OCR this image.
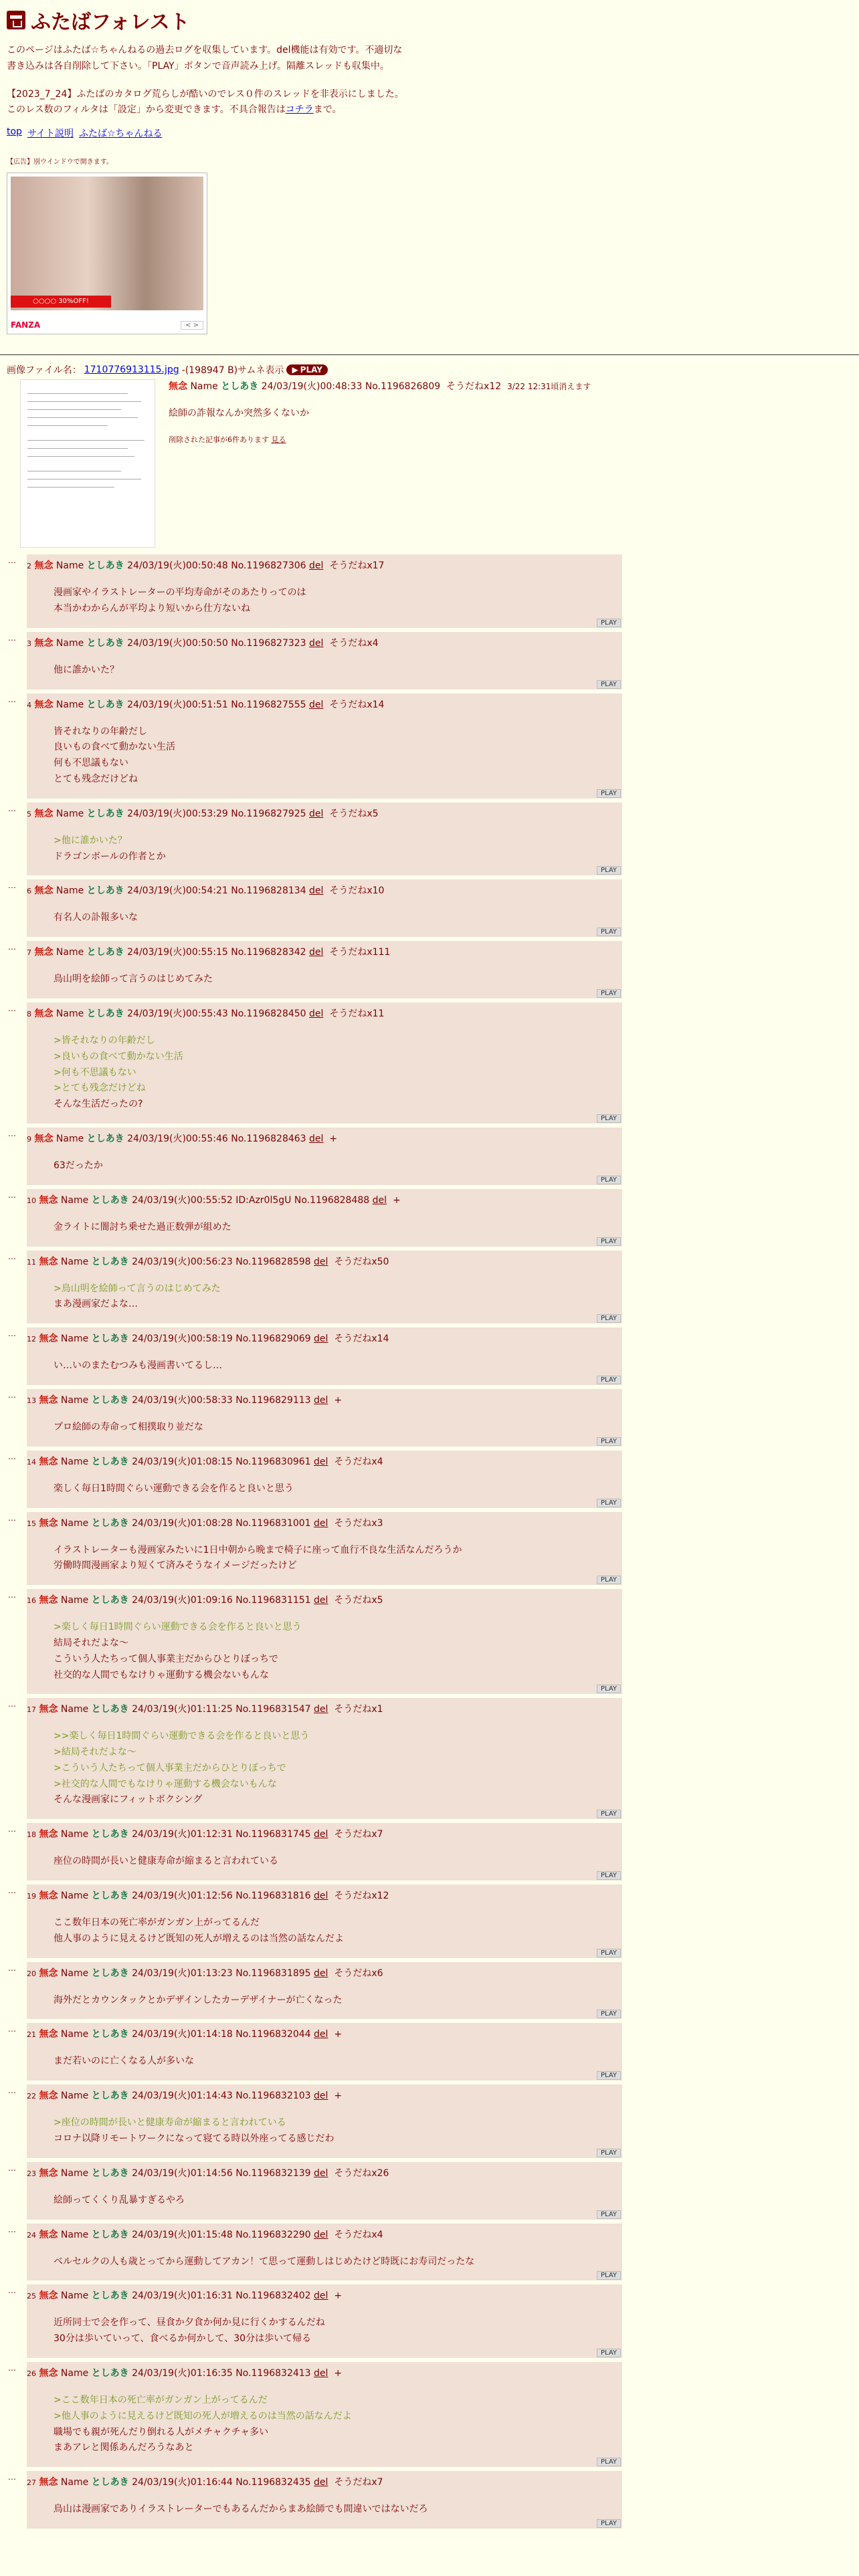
ふたばフォレスト
このページはふたば☆ちゃんねるの過去ログを収集しています。del機能は有効です。不適切な書き込みは各自削除して下さい。「PLAY」ボタンで音声読み上げ。隔離スレッドも収集中。
【2023_7_24】ふたばのカタログ荒らしが酷いのでレス０件のスレッドを非表示にしました。このレス数のフィルタは「設定」から変更できます。不具合報告はコチラまで。
top サイト説明 ふたば☆ちゃんねる
【広告】別ウインドウで開きます。
○○○○ 30%OFF!
FANZA	< >
画像ファイル名： 1710776913115.jpg -(198947 B)サムネ表示 ▶ PLAY
無念 Name としあき 24/03/19(火)00:48:33 No.1196826809 そうだねx12 3/22 12:31頃消えます
絵師の詐報なんか突然多くないか
削除された記事が6件あります 見る
…
2 無念 Name としあき 24/03/19(火)00:50:48 No.1196827306 del そうだねx17
漫画家やイラストレーターの平均寿命がそのあたりってのは
本当かわからんが平均より短いから仕方ないね
PLAY
…
3 無念 Name としあき 24/03/19(火)00:50:50 No.1196827323 del そうだねx4
他に誰かいた？
PLAY
…
4 無念 Name としあき 24/03/19(火)00:51:51 No.1196827555 del そうだねx14
皆それなりの年齢だし
良いもの食べて動かない生活
何も不思議もない
とても残念だけどね
PLAY
…
5 無念 Name としあき 24/03/19(火)00:53:29 No.1196827925 del そうだねx5
>他に誰かいた？
ドラゴンボールの作者とか
PLAY
…
6 無念 Name としあき 24/03/19(火)00:54:21 No.1196828134 del そうだねx10
有名人の訃報多いな
PLAY
…
7 無念 Name としあき 24/03/19(火)00:55:15 No.1196828342 del そうだねx111
鳥山明を絵師って言うのはじめてみた
PLAY
…
8 無念 Name としあき 24/03/19(火)00:55:43 No.1196828450 del そうだねx11
>皆それなりの年齢だし
>良いもの食べて動かない生活
>何も不思議もない
>とても残念だけどね
そんな生活だったの?
PLAY
…
9 無念 Name としあき 24/03/19(火)00:55:46 No.1196828463 del +
63だったか
PLAY
…
10 無念 Name としあき 24/03/19(火)00:55:52 ID:Azr0l5gU No.1196828488 del +
金ライトに闇討ち乗せた過正数弾が組めた
PLAY
…
11 無念 Name としあき 24/03/19(火)00:56:23 No.1196828598 del そうだねx50
>鳥山明を絵師って言うのはじめてみた
まあ漫画家だよな…
PLAY
…
12 無念 Name としあき 24/03/19(火)00:58:19 No.1196829069 del そうだねx14
い…いのまたむつみも漫画書いてるし…
PLAY
…
13 無念 Name としあき 24/03/19(火)00:58:33 No.1196829113 del +
プロ絵師の寿命って相撲取り並だな
PLAY
…
14 無念 Name としあき 24/03/19(火)01:08:15 No.1196830961 del そうだねx4
楽しく毎日1時間ぐらい運動できる会を作ると良いと思う
PLAY
…
15 無念 Name としあき 24/03/19(火)01:08:28 No.1196831001 del そうだねx3
イラストレーターも漫画家みたいに1日中朝から晩まで椅子に座って血行不良な生活なんだろうか
労働時間漫画家より短くて済みそうなイメージだったけど
PLAY
…
16 無念 Name としあき 24/03/19(火)01:09:16 No.1196831151 del そうだねx5
>楽しく毎日1時間ぐらい運動できる会を作ると良いと思う
結局それだよな～
こういう人たちって個人事業主だからひとりぼっちで
社交的な人間でもなけりゃ運動する機会ないもんな
PLAY
…
17 無念 Name としあき 24/03/19(火)01:11:25 No.1196831547 del そうだねx1
>>楽しく毎日1時間ぐらい運動できる会を作ると良いと思う
>結局それだよな～
>こういう人たちって個人事業主だからひとりぼっちで
>社交的な人間でもなけりゃ運動する機会ないもんな
そんな漫画家にフィットボクシング
PLAY
…
18 無念 Name としあき 24/03/19(火)01:12:31 No.1196831745 del そうだねx7
座位の時間が長いと健康寿命が縮まると言われている
PLAY
…
19 無念 Name としあき 24/03/19(火)01:12:56 No.1196831816 del そうだねx12
ここ数年日本の死亡率がガンガン上がってるんだ
他人事のように見えるけど既知の死人が増えるのは当然の話なんだよ
PLAY
…
20 無念 Name としあき 24/03/19(火)01:13:23 No.1196831895 del そうだねx6
海外だとカウンタックとかデザインしたカーデザイナーが亡くなった
PLAY
…
21 無念 Name としあき 24/03/19(火)01:14:18 No.1196832044 del +
まだ若いのに亡くなる人が多いな
PLAY
…
22 無念 Name としあき 24/03/19(火)01:14:43 No.1196832103 del +
>座位の時間が長いと健康寿命が縮まると言われている
コロナ以降リモートワークになって寝てる時以外座ってる感じだわ
PLAY
…
23 無念 Name としあき 24/03/19(火)01:14:56 No.1196832139 del そうだねx26
絵師ってくくり乱暴すぎるやろ
PLAY
…
24 無念 Name としあき 24/03/19(火)01:15:48 No.1196832290 del そうだねx4
ベルセルクの人も歳とってから運動してアカン！て思って運動しはじめたけど時既にお寿司だったな
PLAY
…
25 無念 Name としあき 24/03/19(火)01:16:31 No.1196832402 del +
近所同士で会を作って、昼食か夕食か何か見に行くかするんだね
30分は歩いていって、食べるか何かして、30分は歩いて帰る
PLAY
…
26 無念 Name としあき 24/03/19(火)01:16:35 No.1196832413 del +
>ここ数年日本の死亡率がガンガン上がってるんだ
>他人事のように見えるけど既知の死人が増えるのは当然の話なんだよ
職場でも親が死んだり倒れる人がメチャクチャ多い
まあアレと関係あんだろうなあと
PLAY
…
27 無念 Name としあき 24/03/19(火)01:16:44 No.1196832435 del そうだねx7
鳥山は漫画家でありイラストレーターでもあるんだからまあ絵師でも間違いではないだろ
PLAY
